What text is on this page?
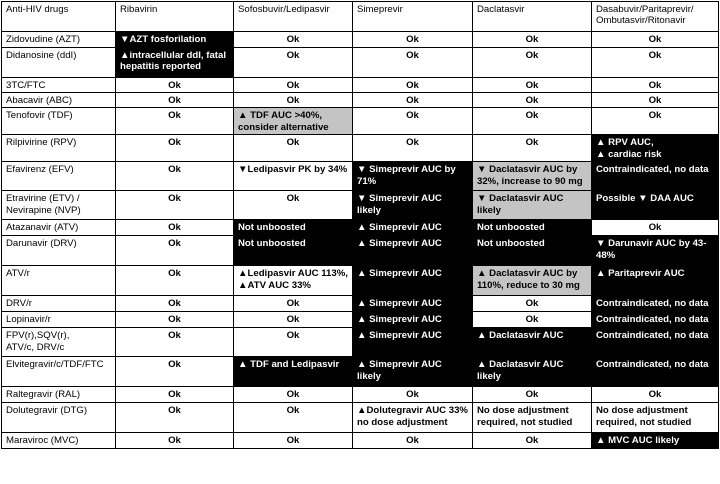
Anti-HIV drugs	Ribavirin	Sofosbuvir/Ledipasvir	Simeprevir	Daclatasvir	Dasabuvir/Paritaprevir/
Ombutasvir/Ritonavir
Zidovudine (AZT)	▼AZT fosforilation	Ok	Ok	Ok	Ok
Didanosine (ddI)	▲intracellular ddI, fatal hepatitis reported	Ok	Ok	Ok	Ok
3TC/FTC	Ok	Ok	Ok	Ok	Ok
Abacavir (ABC)	Ok	Ok	Ok	Ok	Ok
Tenofovir (TDF)	Ok	▲ TDF AUC >40%,
consider alternative	Ok	Ok	Ok
Rilpivirine (RPV)	Ok	Ok	Ok	Ok	▲ RPV AUC,
▲ cardiac risk
Efavirenz (EFV)	Ok	▼Ledipasvir PK by 34%	▼ Simeprevir AUC by 71%	▼ Daclatasvir AUC by 32%, increase to 90 mg	Contraindicated, no data
Etravirine (ETV) /
Nevirapine (NVP)	Ok	Ok	▼ Simeprevir AUC likely	▼ Daclatasvir AUC likely	Possible ▼ DAA AUC
Atazanavir (ATV)	Ok	Not unboosted	▲ Simeprevir AUC	Not unboosted	Ok
Darunavir (DRV)	Ok	Not unboosted	▲ Simeprevir AUC	Not unboosted	▼ Darunavir AUC by 43-48%
ATV/r	Ok	▲Ledipasvir AUC 113%,
▲ATV AUC 33%	▲ Simeprevir AUC	▲ Daclatasvir AUC by 110%, reduce to 30 mg	▲ Paritaprevir AUC
DRV/r	Ok	Ok	▲ Simeprevir AUC	Ok	Contraindicated, no data
Lopinavir/r	Ok	Ok	▲ Simeprevir AUC	Ok	Contraindicated, no data
FPV(r),SQV(r),
ATV/c, DRV/c	Ok	Ok	▲ Simeprevir AUC	▲ Daclatasvir AUC	Contraindicated, no data
Elvitegravir/c/TDF/FTC	Ok	▲ TDF and Ledipasvir	▲ Simeprevir AUC likely	▲ Daclatasvir AUC likely	Contraindicated, no data
Raltegravir (RAL)	Ok	Ok	Ok	Ok	Ok
Dolutegravir (DTG)	Ok	Ok	▲Dolutegravir AUC 33%
no dose adjustment	No dose adjustment required, not studied	No dose adjustment required, not studied
Maraviroc (MVC)	Ok	Ok	Ok	Ok	▲ MVC AUC likely
